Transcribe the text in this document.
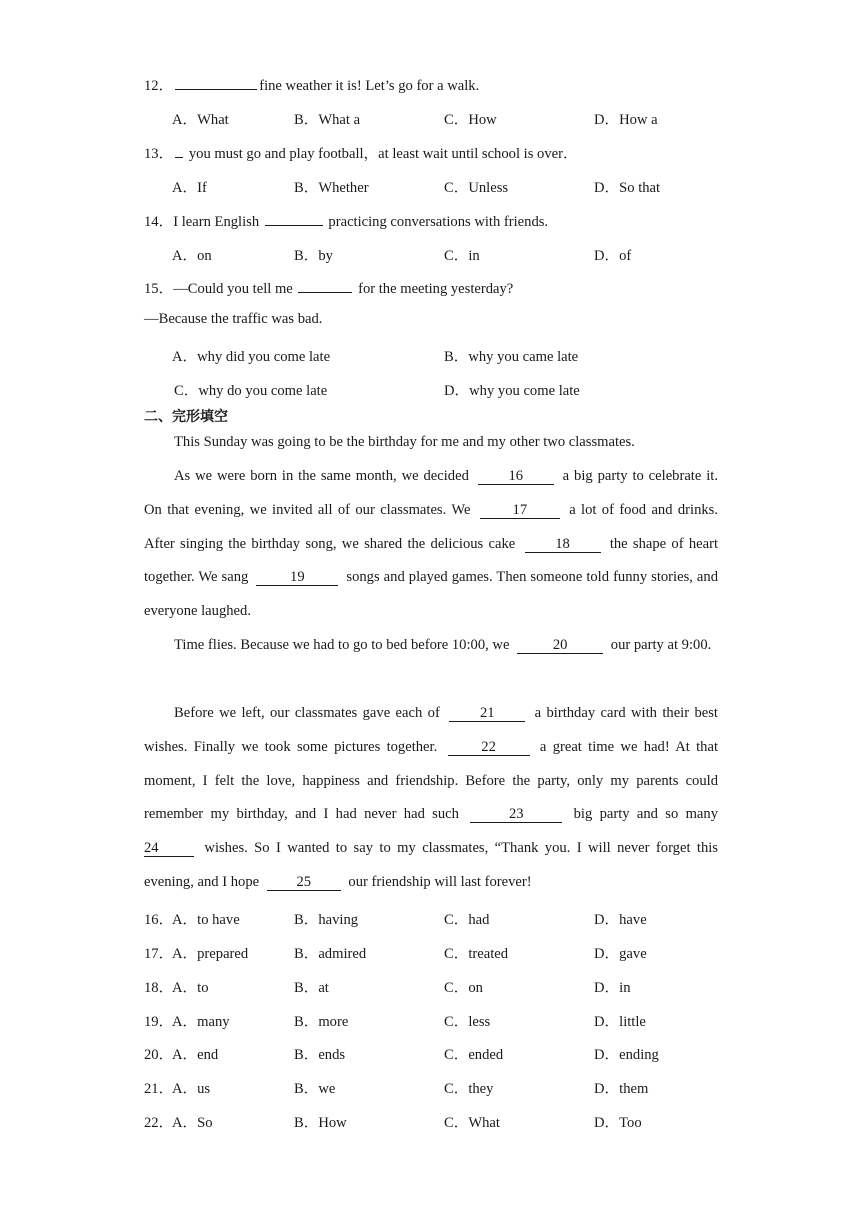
12．	fine weather it is! Let’s go for a walk.
A．What	B．What a	C．How	D．How a
13． you must go and play football，at least wait until school is over．
A．If	B．Whether	C．Unless	D．So that
14．I learn English	practicing conversations with friends.
A．on	B．by	C．in	D．of
15．—Could you tell me	for the meeting yesterday?
—Because the traffic was bad.
A．why did you come late	B．why you came late
C．why do you come late	D．why you come late
二、完形填空

This Sunday was going to be the birthday for me and my other two classmates.

As we were born in the same month, we decided	16	a big party to celebrate it. On that evening, we invited all of our classmates. We	17	a lot of food and drinks. After singing the birthday song, we shared the delicious cake	18	the shape of heart together. We sang	19	songs and played games. Then someone told funny stories, and everyone laughed.

Time flies. Because we had to go to bed before 10:00, we	20	our party at 9:00.

Before we left, our classmates gave each of	21	a birthday card with their best wishes. Finally we took some pictures together.	22	a great time we had! At that moment, I felt the love, happiness and friendship. Before the party, only my parents could remember my birthday, and I had never had such	23	big party and so many 24	wishes. So I wanted to say to my classmates, “Thank you. I will never forget this evening, and I hope	25	our friendship will last forever!

16．
A．to have	B．having	C．had	D．have
17．
A．prepared	B．admired	C．treated	D．gave
18．
A．to	B．at	C．on	D．in
19．
A．many	B．more	C．less	D．little
20．
A．end	B．ends	C．ended	D．ending
21．
A．us	B．we	C．they	D．them
22．
A．So	B．How	C．What	D．Too
